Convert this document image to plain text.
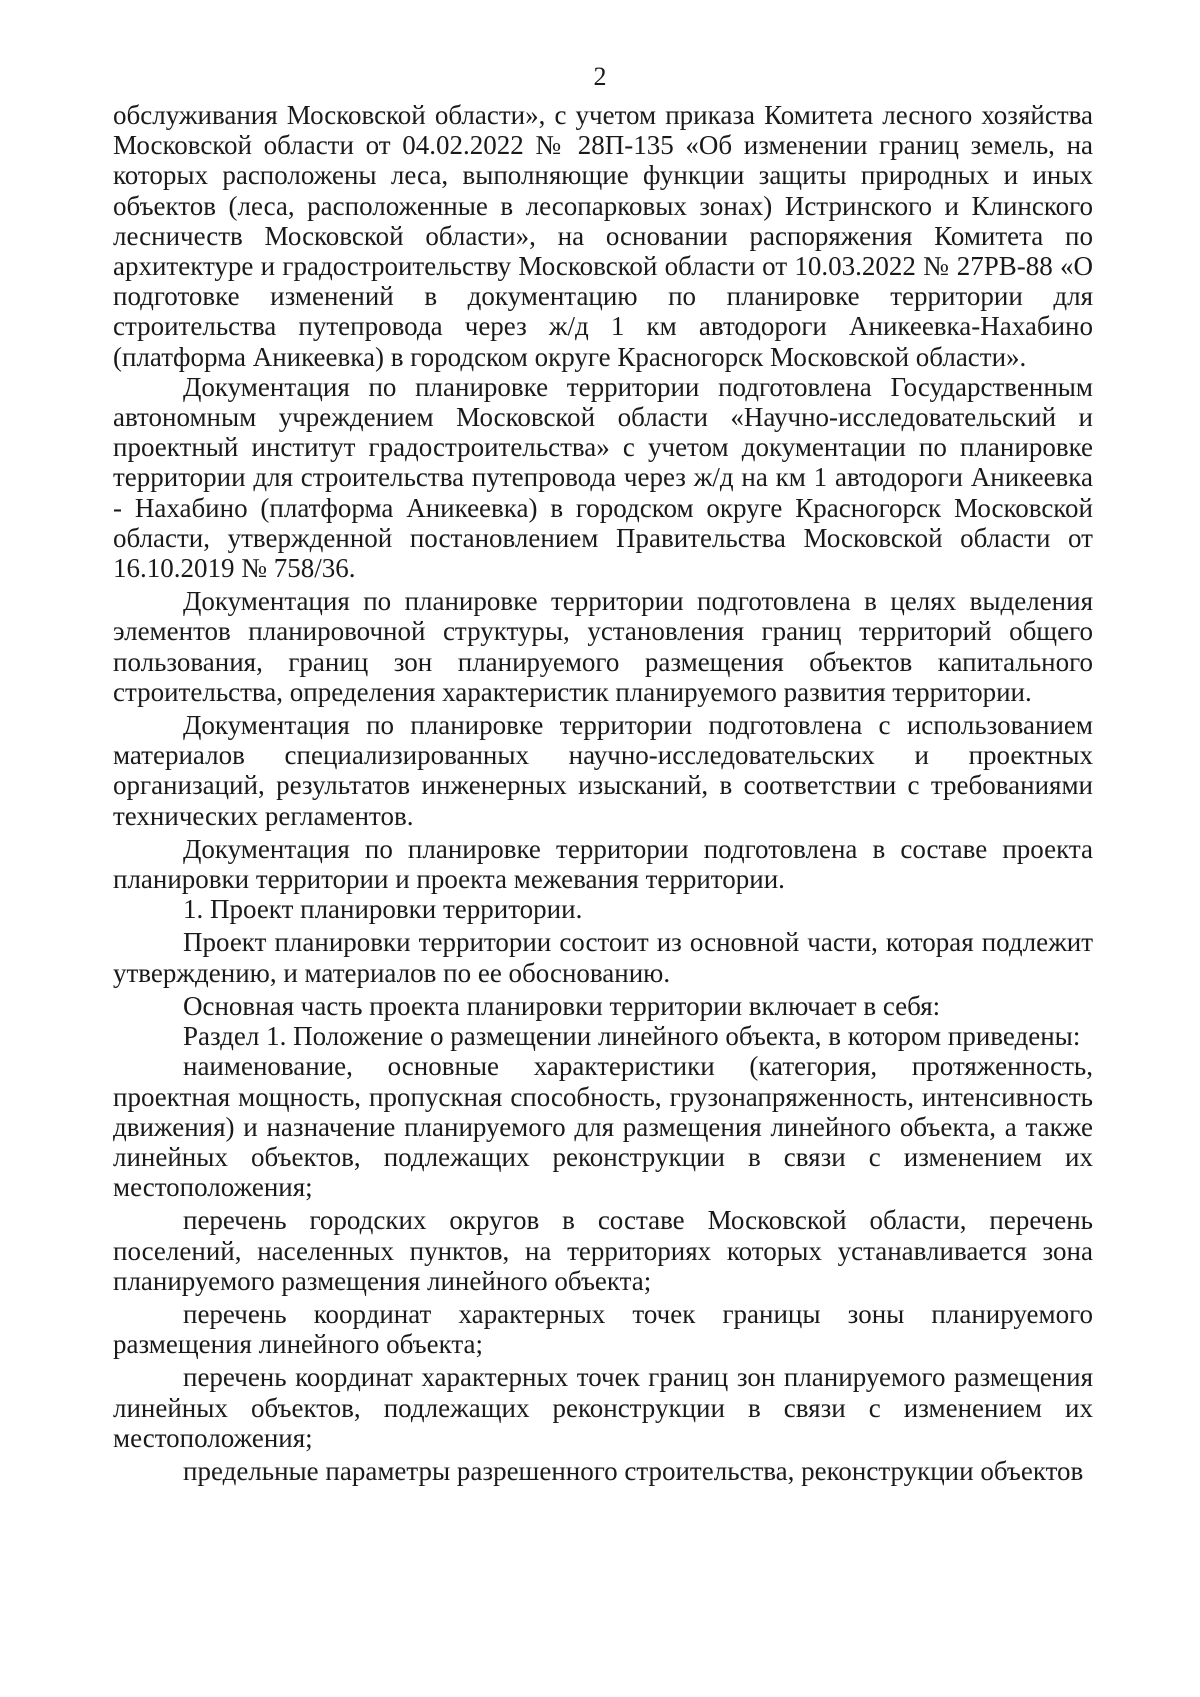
2

обслуживания Московской области», с учетом приказа Комитета лесного хозяйства Московской области от 04.02.2022 № 28П-135 «Об изменении границ земель, на которых расположены леса, выполняющие функции защиты природных и иных объектов (леса, расположенные в лесопарковых зонах) Истринского и Клинского лесничеств Московской области», на основании распоряжения Комитета по архитектуре и градостроительству Московской области от 10.03.2022 № 27РВ-88 «О подготовке изменений в документацию по планировке территории для строительства путепровода через ж/д 1 км автодороги Аникеевка-Нахабино (платформа Аникеевка) в городском округе Красногорск Московской области».

Документация по планировке территории подготовлена Государственным автономным учреждением Московской области «Научно-исследовательский и проектный институт градостроительства» с учетом документации по планировке территории для строительства путепровода через ж/д на км 1 автодороги Аникеевка - Нахабино (платформа Аникеевка) в городском округе Красногорск Московской области, утвержденной постановлением Правительства Московской области от 16.10.2019 № 758/36.

Документация по планировке территории подготовлена в целях выделения элементов планировочной структуры, установления границ территорий общего пользования, границ зон планируемого размещения объектов капитального строительства, определения характеристик планируемого развития территории.

Документация по планировке территории подготовлена с использованием материалов специализированных научно-исследовательских и проектных организаций, результатов инженерных изысканий, в соответствии с требованиями технических регламентов.

Документация по планировке территории подготовлена в составе проекта планировки территории и проекта межевания территории.

1. Проект планировки территории.

Проект планировки территории состоит из основной части, которая подлежит утверждению, и материалов по ее обоснованию.

Основная часть проекта планировки территории включает в себя:

Раздел 1. Положение о размещении линейного объекта, в котором приведены:

наименование, основные характеристики (категория, протяженность, проектная мощность, пропускная способность, грузонапряженность, интенсивность движения) и назначение планируемого для размещения линейного объекта, а также линейных объектов, подлежащих реконструкции в связи с изменением их местоположения;

перечень городских округов в составе Московской области, перечень поселений, населенных пунктов, на территориях которых устанавливается зона планируемого размещения линейного объекта;

перечень координат характерных точек границы зоны планируемого размещения линейного объекта;

перечень координат характерных точек границ зон планируемого размещения линейных объектов, подлежащих реконструкции в связи с изменением их местоположения;

предельные параметры разрешенного строительства, реконструкции объектов
